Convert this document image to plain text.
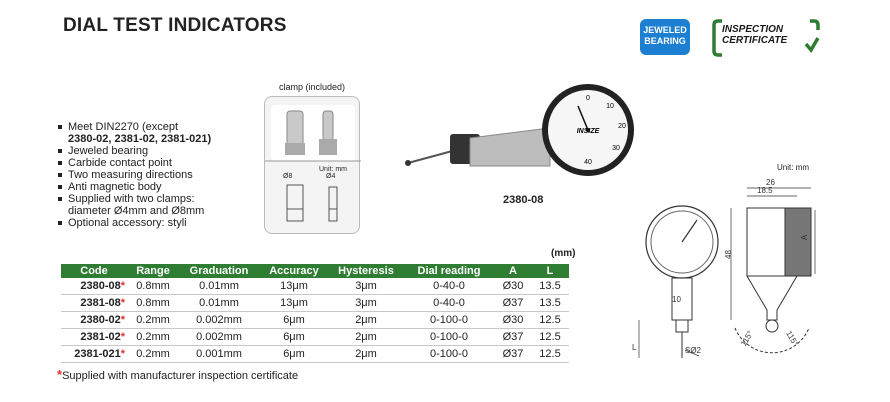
DIAL TEST INDICATORS	JEWELED
BEARING
INSPECTION
CERTIFICATE
Meet DIN2270 (except
2380-02, 2381-02, 2381-021)
Jeweled bearing
Carbide contact point
Two measuring directions
Anti magnetic body
Supplied with two clamps:
diameter Ø4mm and Ø8mm
Optional accessory: styli
clamp (included)
Unit: mm
Ø8	Ø4
0
10
20
30
40
INSIZE
2380-08
Unit: mm
26
18.5
48
A
10
L	SØ2
115°	115°
(mm)
Code	Range	Graduation	Accuracy	Hysteresis	Dial reading	A	L
2380-08*	0.8mm	0.01mm	13μm	3μm	0-40-0	Ø30	13.5
2381-08*	0.8mm	0.01mm	13μm	3μm	0-40-0	Ø37	13.5
2380-02*	0.2mm	0.002mm	6μm	2μm	0-100-0	Ø30	12.5
2381-02*	0.2mm	0.002mm	6μm	2μm	0-100-0	Ø37	12.5
2381-021*	0.2mm	0.001mm	6μm	2μm	0-100-0	Ø37	12.5
*Supplied with manufacturer inspection certificate
